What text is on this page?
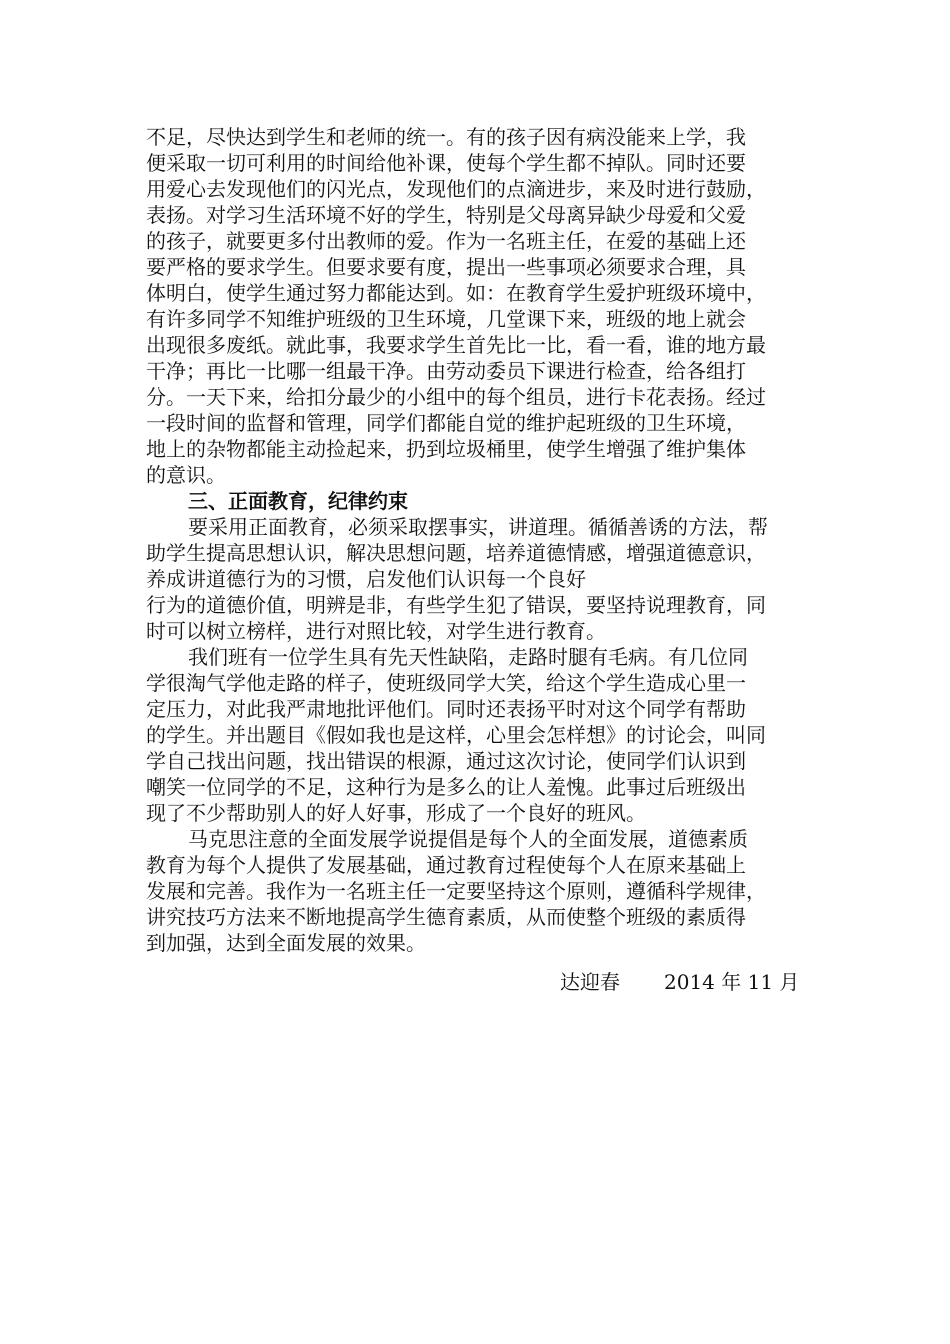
不足，尽快达到学生和老师的统一。有的孩子因有病没能来上学，我
便采取一切可利用的时间给他补课，使每个学生都不掉队。同时还要
用爱心去发现他们的闪光点，发现他们的点滴进步，来及时进行鼓励，
表扬。对学习生活环境不好的学生，特别是父母离异缺少母爱和父爱
的孩子，就要更多付出教师的爱。作为一名班主任，在爱的基础上还
要严格的要求学生。但要求要有度，提出一些事项必须要求合理，具
体明白，使学生通过努力都能达到。如：在教育学生爱护班级环境中，
有许多同学不知维护班级的卫生环境，几堂课下来，班级的地上就会
出现很多废纸。就此事，我要求学生首先比一比，看一看，谁的地方最
干净；再比一比哪一组最干净。由劳动委员下课进行检查，给各组打
分。一天下来，给扣分最少的小组中的每个组员，进行卡花表扬。经过
一段时间的监督和管理，同学们都能自觉的维护起班级的卫生环境，
地上的杂物都能主动捡起来，扔到垃圾桶里，使学生增强了维护集体
的意识。
三、正面教育，纪律约束
要采用正面教育，必须采取摆事实，讲道理。循循善诱的方法，帮
助学生提高思想认识，解决思想问题，培养道德情感，增强道德意识，
养成讲道德行为的习惯，启发他们认识每一个良好
行为的道德价值，明辨是非，有些学生犯了错误，要坚持说理教育，同
时可以树立榜样，进行对照比较，对学生进行教育。
我们班有一位学生具有先天性缺陷，走路时腿有毛病。有几位同
学很淘气学他走路的样子，使班级同学大笑，给这个学生造成心里一
定压力，对此我严肃地批评他们。同时还表扬平时对这个同学有帮助
的学生。并出题目《假如我也是这样，心里会怎样想》的讨论会，叫同
学自己找出问题，找出错误的根源，通过这次讨论，使同学们认识到
嘲笑一位同学的不足，这种行为是多么的让人羞愧。此事过后班级出
现了不少帮助别人的好人好事，形成了一个良好的班风。
马克思注意的全面发展学说提倡是每个人的全面发展，道德素质
教育为每个人提供了发展基础，通过教育过程使每个人在原来基础上
发展和完善。我作为一名班主任一定要坚持这个原则，遵循科学规律，
讲究技巧方法来不断地提高学生德育素质，从而使整个班级的素质得
到加强，达到全面发展的效果。
达迎春 2014 年 11 月
